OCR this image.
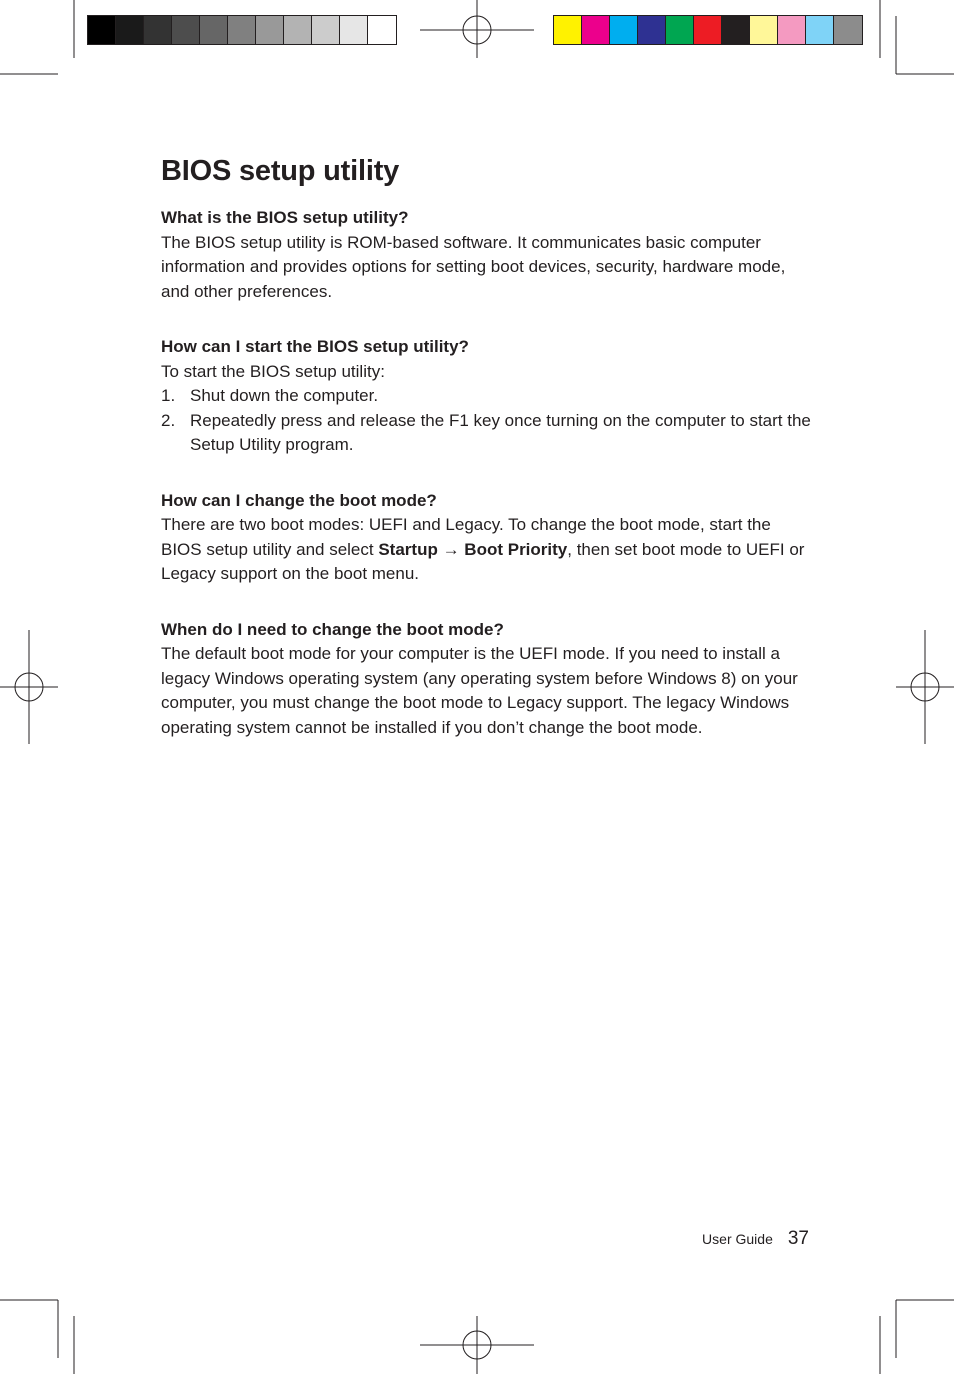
BIOS setup utility

What is the BIOS setup utility?

The BIOS setup utility is ROM-based software. It communicates basic computer information and provides options for setting boot devices, security, hardware mode, and other preferences.

How can I start the BIOS setup utility?

To start the BIOS setup utility:

1. Shut down the computer.
2. Repeatedly press and release the F1 key once turning on the computer to start the Setup Utility program.

How can I change the boot mode?

There are two boot modes: UEFI and Legacy. To change the boot mode, start the BIOS setup utility and select Startup → Boot Priority, then set boot mode to UEFI or Legacy support on the boot menu.

When do I need to change the boot mode?

The default boot mode for your computer is the UEFI mode. If you need to install a legacy Windows operating system (any operating system before Windows 8) on your computer, you must change the boot mode to Legacy support. The legacy Windows operating system cannot be installed if you don’t change the boot mode.

User Guide 37
